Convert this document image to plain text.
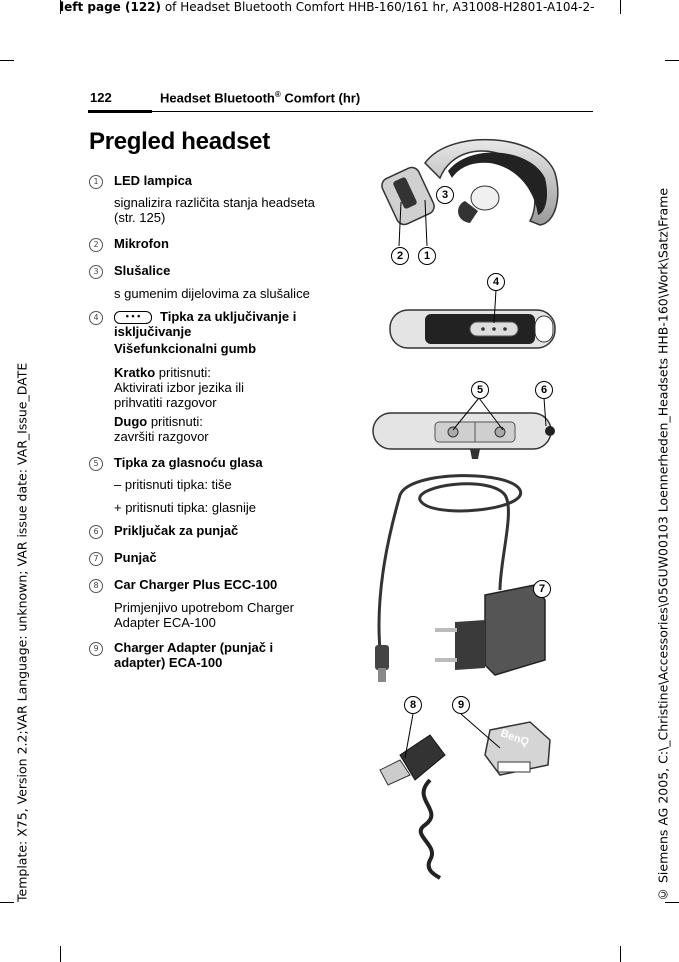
left page (122) of Headset Bluetooth Comfort HHB-160/161 hr, A31008-H2801-A104-2-
Template: X75, Version 2.2;VAR Language: unknown; VAR issue date: VAR_Issue_DATE	© Siemens AG 2005, C:\_Christine\Accessories\05GUW00103 Loennerheden_Headsets HHB-160\Work\Satz\Frame
122	Headset Bluetooth® Comfort (hr)
Pregled headset
1	LED lampica
signalizira različita stanja headseta (str. 125)
2	Mikrofon
3	Slušalice
s gumenim dijelovima za slušalice
4	• • • Tipka za uključivanje i isključivanje
Višefunkcionalni gumb
Kratko pritisnuti:
Aktivirati izbor jezika ili prihvatiti razgovor
Dugo pritisnuti:
završiti razgovor
5	Tipka za glasnoću glasa
– pritisnuti tipka: tiše
+ pritisnuti tipka: glasnije
6	Priključak za punjač
7	Punjač
8	Car Charger Plus ECC-100
Primjenjivo upotrebom Charger Adapter ECA-100
9	Charger Adapter (punjač i adapter) ECA-100
3
2	1
4
5	6
7
BenQ
8	9
